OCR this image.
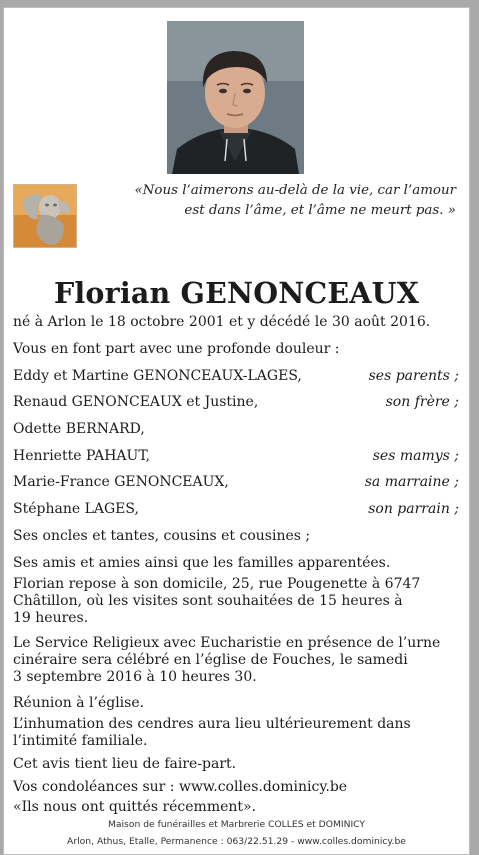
«Nous l’aimerons au-delà de la vie, car l’amour
est dans l’âme, et l’âme ne meurt pas. »
Florian GENONCEAUX
né à Arlon le 18 octobre 2001 et y décédé le 30 août 2016.
Vous en font part avec une profonde douleur :
Eddy et Martine GENONCEAUX-LAGES,	ses parents ;
Renaud GENONCEAUX et Justine,	son frère ;
Odette BERNARD,
Henriette PAHAUT,	ses mamys ;
Marie-France GENONCEAUX,	sa marraine ;
Stéphane LAGES,	son parrain ;
Ses oncles et tantes, cousins et cousines ;
Ses amis et amies ainsi que les familles apparentées.
Florian repose à son domicile, 25, rue Pougenette à 6747
Châtillon, où les visites sont souhaitées de 15 heures à
19 heures.
Le Service Religieux avec Eucharistie en présence de l’urne
cinéraire sera célébré en l’église de Fouches, le samedi
3 septembre 2016 à 10 heures 30.
Réunion à l’église.
L’inhumation des cendres aura lieu ultérieurement dans
l’intimité familiale.
Cet avis tient lieu de faire-part.
Vos condoléances sur : www.colles.dominicy.be
«Ils nous ont quittés récemment».
Maison de funérailles et Marbrerie COLLES et DOMINICY
Arlon, Athus, Etalle, Permanence : 063/22.51.29 - www.colles.dominicy.be
